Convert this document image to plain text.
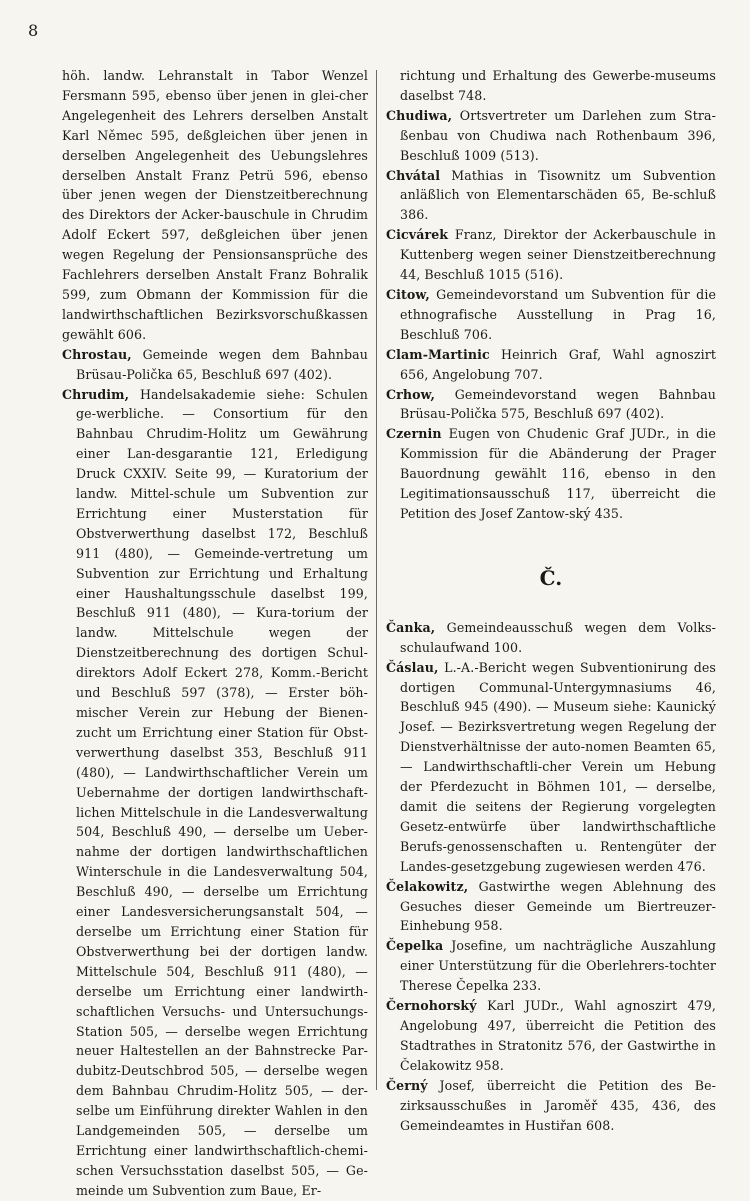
8

höh. landw. Lehranstalt in Tabor Wenzel Fersmann 595, ebenso über jenen in glei-cher Angelegenheit des Lehrers derselben Anstalt Karl Němec 595, deßgleichen über jenen in derselben Angelegenheit des Uebungslehres derselben Anstalt Franz Petrü 596, ebenso über jenen wegen der Dienstzeitberechnung des Direktors der Acker-bauschule in Chrudim Adolf Eckert 597, deßgleichen über jenen wegen Regelung der Pensionsansprüche des Fachlehrers derselben Anstalt Franz Bohralik 599, zum Obmann der Kommission für die landwirthschaftlichen Bezirksvorschußkassen gewählt 606.

Chrostau, Gemeinde wegen dem Bahnbau Brüsau-Polička 65, Beschluß 697 (402).

Chrudim, Handelsakademie siehe: Schulen ge-werbliche. — Consortium für den Bahnbau Chrudim-Holitz um Gewährung einer Lan-desgarantie 121, Erledigung Druck CXXIV. Seite 99, — Kuratorium der landw. Mittel-schule um Subvention zur Errichtung einer Musterstation für Obstverwerthung daselbst 172, Beschluß 911 (480), — Gemeinde-vertretung um Subvention zur Errichtung und Erhaltung einer Haushaltungsschule daselbst 199, Beschluß 911 (480), — Kura-torium der landw. Mittelschule wegen der Dienstzeitberechnung des dortigen Schul-direktors Adolf Eckert 278, Komm.-Bericht und Beschluß 597 (378), — Erster böh-mischer Verein zur Hebung der Bienen-zucht um Errichtung einer Station für Obst-verwerthung daselbst 353, Beschluß 911 (480), — Landwirthschaftlicher Verein um Uebernahme der dortigen landwirthschaft-lichen Mittelschule in die Landesverwaltung 504, Beschluß 490, — derselbe um Ueber-nahme der dortigen landwirthschaftlichen Winterschule in die Landesverwaltung 504, Beschluß 490, — derselbe um Errichtung einer Landesversicherungsanstalt 504, — derselbe um Errichtung einer Station für Obstverwerthung bei der dortigen landw. Mittelschule 504, Beschluß 911 (480), — derselbe um Errichtung einer landwirth-schaftlichen Versuchs- und Untersuchungs-Station 505, — derselbe wegen Errichtung neuer Haltestellen an der Bahnstrecke Par-dubitz-Deutschbrod 505, — derselbe wegen dem Bahnbau Chrudim-Holitz 505, — der-selbe um Einführung direkter Wahlen in den Landgemeinden 505, — derselbe um Errichtung einer landwirthschaftlich-chemi-schen Versuchsstation daselbst 505, — Ge-meinde um Subvention zum Baue, Er-

richtung und Erhaltung des Gewerbe-museums daselbst 748.

Chudiwa, Ortsvertreter um Darlehen zum Stra-ßenbau von Chudiwa nach Rothenbaum 396, Beschluß 1009 (513).

Chvátal Mathias in Tisownitz um Subvention anläßlich von Elementarschäden 65, Be-schluß 386.

Cicvárek Franz, Direktor der Ackerbauschule in Kuttenberg wegen seiner Dienstzeitberechnung 44, Beschluß 1015 (516).

Citow, Gemeindevorstand um Subvention für die ethnografische Ausstellung in Prag 16, Beschluß 706.

Clam-Martinic Heinrich Graf, Wahl agnoszirt 656, Angelobung 707.

Crhow, Gemeindevorstand wegen Bahnbau Brüsau-Polička 575, Beschluß 697 (402).

Czernin Eugen von Chudenic Graf JUDr., in die Kommission für die Abänderung der Prager Bauordnung gewählt 116, ebenso in den Legitimationsausschuß 117, überreicht die Petition des Josef Zantow-ský 435.

Č.

Čanka, Gemeindeausschuß wegen dem Volks-schulaufwand 100.

Čáslau, L.-A.-Bericht wegen Subventionirung des dortigen Communal-Untergymnasiums 46, Beschluß 945 (490). — Museum siehe: Kaunický Josef. — Bezirksvertretung wegen Regelung der Dienstverhältnisse der auto-nomen Beamten 65, — Landwirthschaftli-cher Verein um Hebung der Pferdezucht in Böhmen 101, — derselbe, damit die seitens der Regierung vorgelegten Gesetz-entwürfe über landwirthschaftliche Berufs-genossenschaften u. Rentengüter der Landes-gesetzgebung zugewiesen werden 476.

Čelakowitz, Gastwirthe wegen Ablehnung des Gesuches dieser Gemeinde um Biertreuzer-Einhebung 958.

Čepelka Josefine, um nachträgliche Auszahlung einer Unterstützung für die Oberlehrers-tochter Therese Čepelka 233.

Černohorský Karl JUDr., Wahl agnoszirt 479, Angelobung 497, überreicht die Petition des Stadtrathes in Stratonitz 576, der Gastwirthe in Čelakowitz 958.

Černý Josef, überreicht die Petition des Be-zirksausschußes in Jaroměř 435, 436, des Gemeindeamtes in Hustiřan 608.
